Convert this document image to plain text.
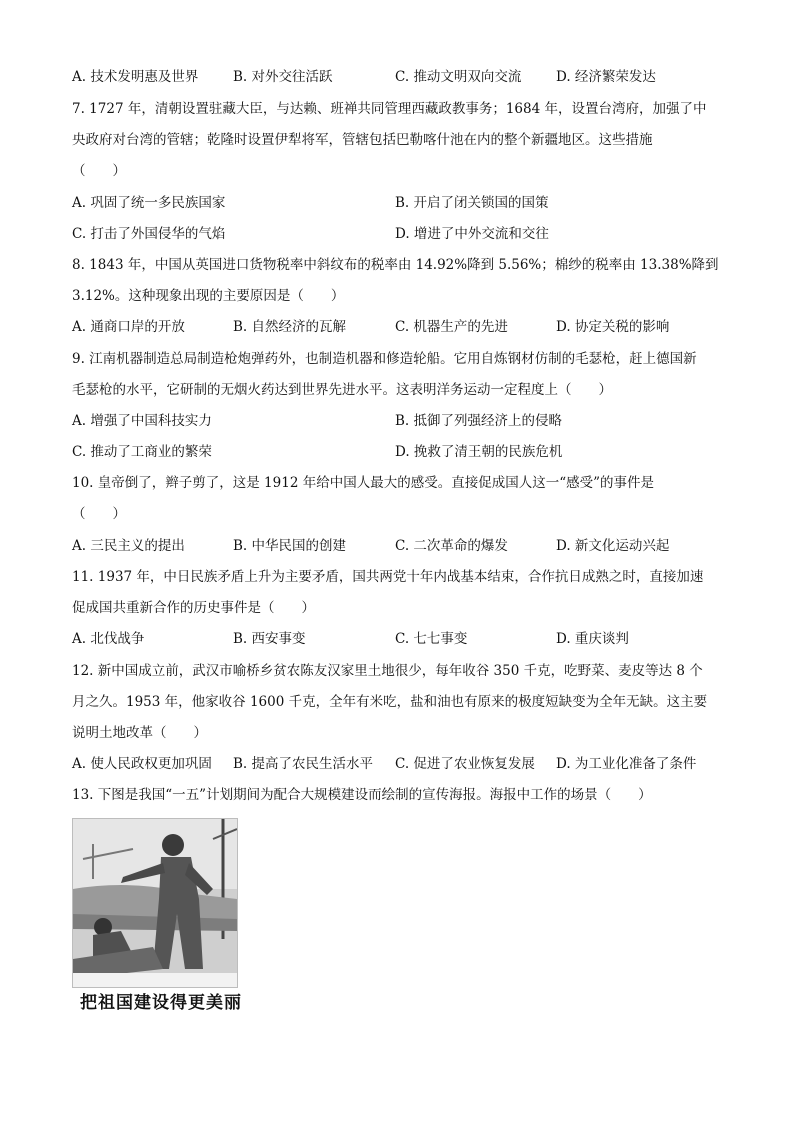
A. 技术发明惠及世界	B. 对外交往活跃	C. 推动文明双向交流	D. 经济繁荣发达
7. 1727 年，清朝设置驻藏大臣，与达赖、班禅共同管理西藏政教事务；1684 年，设置台湾府，加强了中
央政府对台湾的管辖；乾隆时设置伊犁将军，管辖包括巴勒喀什池在内的整个新疆地区。这些措施
（　　）
A. 巩固了统一多民族国家	B. 开启了闭关锁国的国策
C. 打击了外国侵华的气焰	D. 增进了中外交流和交往
8. 1843 年，中国从英国进口货物税率中斜纹布的税率由 14.92%降到 5.56%；棉纱的税率由 13.38%降到
3.12%。这种现象出现的主要原因是（　　）
A. 通商口岸的开放	B. 自然经济的瓦解	C. 机器生产的先进	D. 协定关税的影响
9. 江南机器制造总局制造枪炮弹药外，也制造机器和修造轮船。它用自炼钢材仿制的毛瑟枪，赶上德国新
毛瑟枪的水平，它研制的无烟火药达到世界先进水平。这表明洋务运动一定程度上（　　）
A. 增强了中国科技实力	B. 抵御了列强经济上的侵略
C. 推动了工商业的繁荣	D. 挽救了清王朝的民族危机
10. 皇帝倒了，辫子剪了，这是 1912 年给中国人最大的感受。直接促成国人这一“感受”的事件是
（　　）
A. 三民主义的提出	B. 中华民国的创建	C. 二次革命的爆发	D. 新文化运动兴起
11. 1937 年，中日民族矛盾上升为主要矛盾，国共两党十年内战基本结束，合作抗日成熟之时，直接加速
促成国共重新合作的历史事件是（　　）
A. 北伐战争	B. 西安事变	C. 七七事变	D. 重庆谈判
12. 新中国成立前，武汉市喻桥乡贫农陈友汉家里土地很少，每年收谷 350 千克，吃野菜、麦皮等达 8 个
月之久。1953 年，他家收谷 1600 千克，全年有米吃，盐和油也有原来的极度短缺变为全年无缺。这主要
说明土地改革（　　）
A. 使人民政权更加巩固 B. 提高了农民生活水平 C. 促进了农业恢复发展 D. 为工业化准备了条件
13. 下图是我国“一五”计划期间为配合大规模建设而绘制的宣传海报。海报中工作的场景（　　）
把祖国建设得更美丽
